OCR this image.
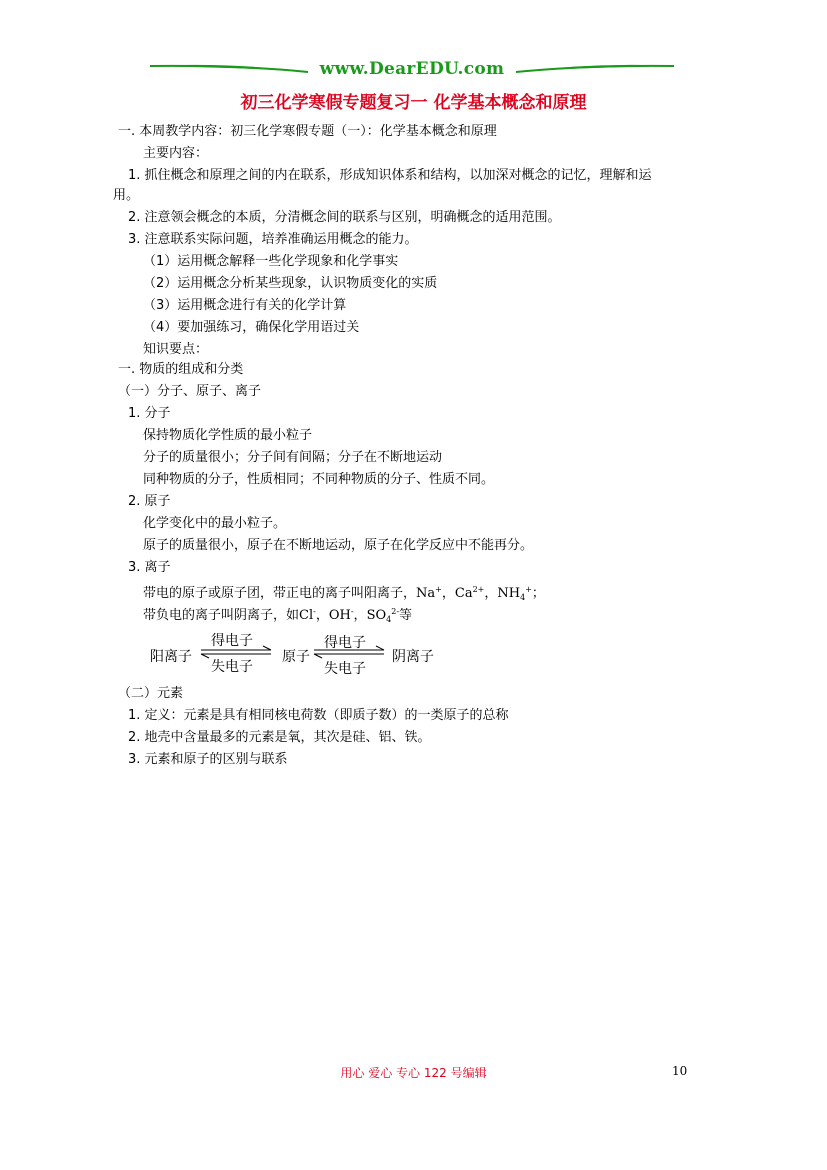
www.DearEDU.com
初三化学寒假专题复习一 化学基本概念和原理
一. 本周教学内容：初三化学寒假专题（一）：化学基本概念和原理
主要内容：
1. 抓住概念和原理之间的内在联系，形成知识体系和结构，以加深对概念的记忆，理解和运
用。
2. 注意领会概念的本质，分清概念间的联系与区别，明确概念的适用范围。
3. 注意联系实际问题，培养准确运用概念的能力。
（1）运用概念解释一些化学现象和化学事实
（2）运用概念分析某些现象，认识物质变化的实质
（3）运用概念进行有关的化学计算
（4）要加强练习，确保化学用语过关
知识要点：
一. 物质的组成和分类
（一）分子、原子、离子
1. 分子
保持物质化学性质的最小粒子
分子的质量很小；分子间有间隔；分子在不断地运动
同种物质的分子，性质相同；不同种物质的分子、性质不同。
2. 原子
化学变化中的最小粒子。
原子的质量很小，原子在不断地运动，原子在化学反应中不能再分。
3. 离子
带电的原子或原子团，带正电的离子叫阳离子，Na+，$Ca^{2+}$，$NH_4^+$；
带负电的离子叫阴离子，如Cl-，OH-，$SO_4^{2-}$等
阳离子
得电子
失电子
原子
得电子
失电子
阴离子
（二）元素
1. 定义：元素是具有相同核电荷数（即质子数）的一类原子的总称
2. 地壳中含量最多的元素是氧，其次是硅、铝、铁。
3. 元素和原子的区别与联系
用心 爱心 专心 122 号编辑	10
